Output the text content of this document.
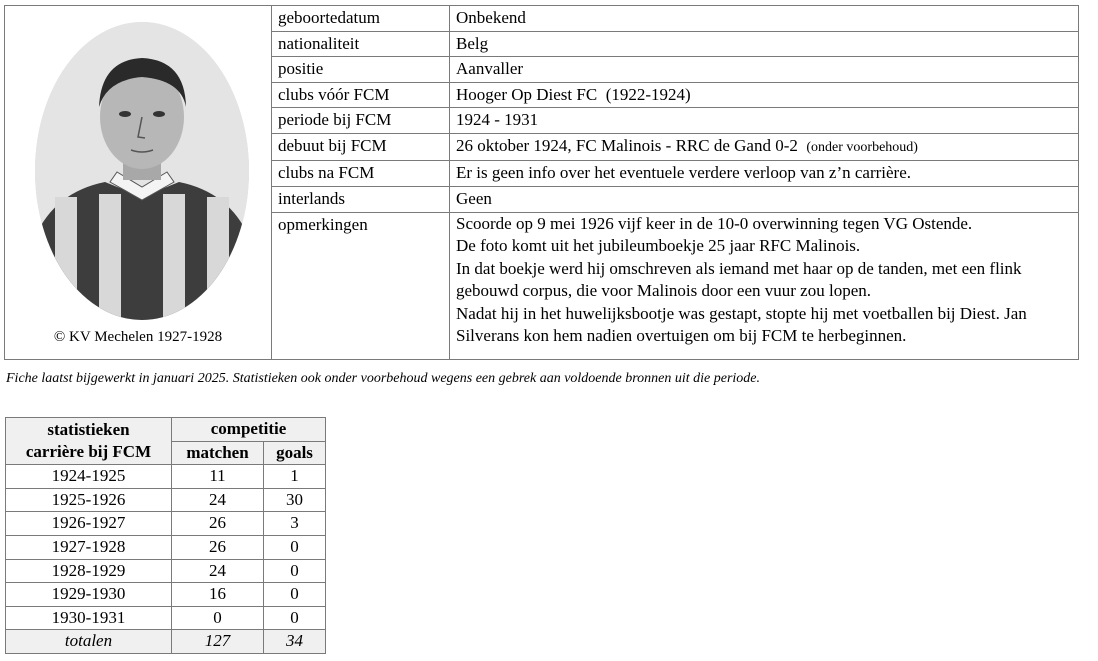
© KV Mechelen 1927-1928	geboortedatum	Onbekend
	nationaliteit	Belg
	positie	Aanvaller
	clubs vóór FCM	Hooger Op Diest FC  (1922-1924)
	periode bij FCM	1924 - 1931
	debuut bij FCM	26 oktober 1924, FC Malinois - RRC de Gand 0-2 (onder voorbehoud)
	clubs na FCM	Er is geen info over het eventuele verdere verloop van z’n carrière.
	interlands	Geen
	opmerkingen	Scoorde op 9 mei 1926 vijf keer in de 10-0 overwinning tegen VG Ostende.
De foto komt uit het jubileumboekje 25 jaar RFC Malinois.
In dat boekje werd hij omschreven als iemand met haar op de tanden, met een flink gebouwd corpus, die voor Malinois door een vuur zou lopen.
Nadat hij in het huwelijksbootje was gestapt, stopte hij met voetballen bij Diest. Jan Silverans kon hem nadien overtuigen om bij FCM te herbeginnen.
Fiche laatst bijgewerkt in januari 2025. Statistieken ook onder voorbehoud wegens een gebrek aan voldoende bronnen uit die periode.
statistieken
carrière bij FCM	competitie	
	matchen	goals
1924-1925	11	1
1925-1926	24	30
1926-1927	26	3
1927-1928	26	0
1928-1929	24	0
1929-1930	16	0
1930-1931	0	0
totalen	127	34
